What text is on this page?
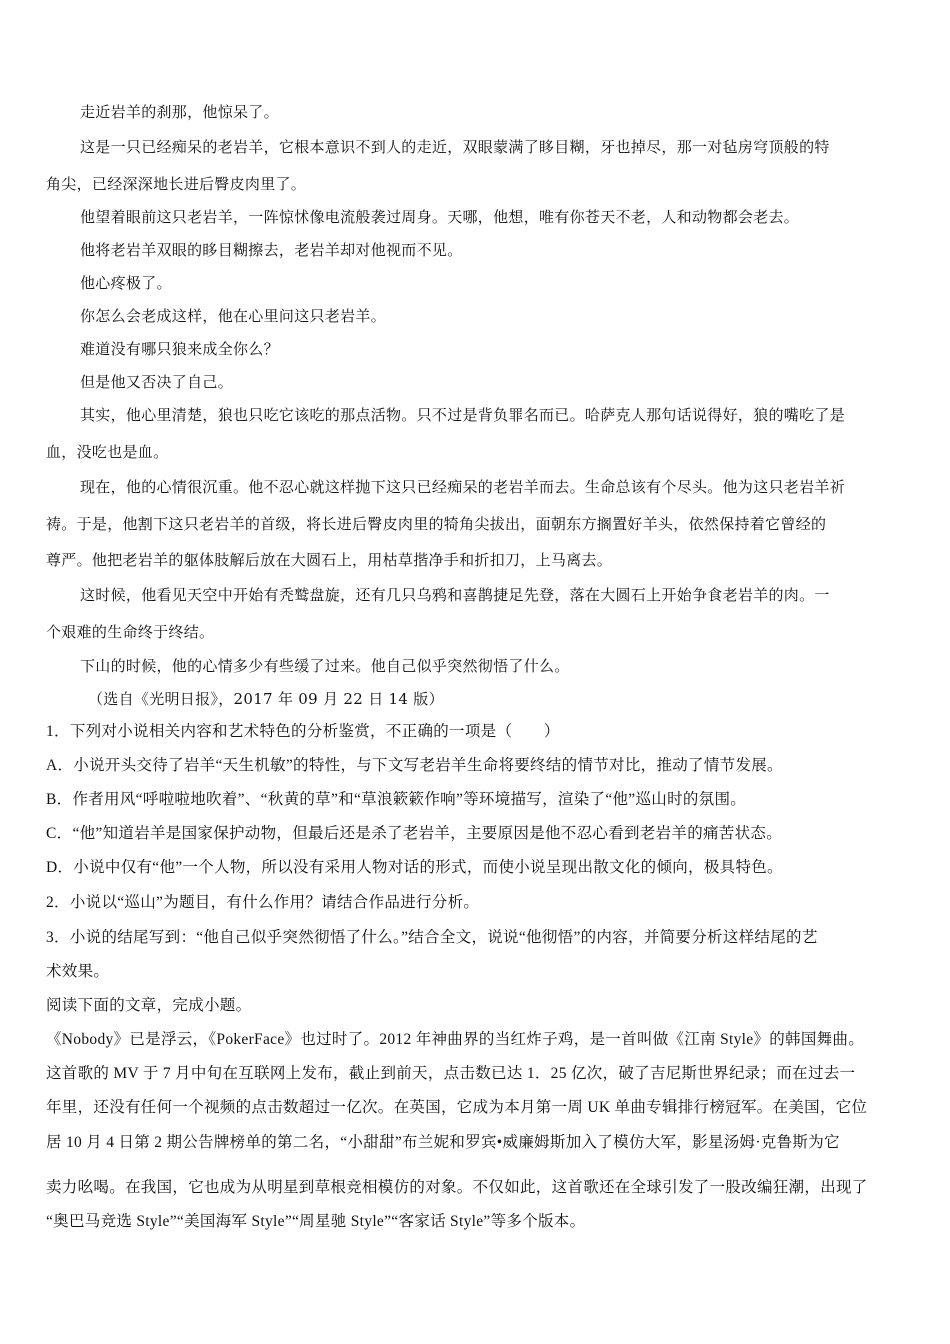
走近岩羊的刹那，他惊呆了。
这是一只已经痴呆的老岩羊，它根本意识不到人的走近，双眼蒙满了眵目糊，牙也掉尽，那一对毡房穹顶般的特
角尖，已经深深地长进后臀皮肉里了。
他望着眼前这只老岩羊，一阵惊怵像电流般袭过周身。天哪，他想，唯有你苍天不老，人和动物都会老去。
他将老岩羊双眼的眵目糊擦去，老岩羊却对他视而不见。
他心疼极了。
你怎么会老成这样，他在心里问这只老岩羊。
难道没有哪只狼来成全你么？
但是他又否决了自己。
其实，他心里清楚，狼也只吃它该吃的那点活物。只不过是背负罪名而已。哈萨克人那句话说得好，狼的嘴吃了是
血，没吃也是血。
现在，他的心情很沉重。他不忍心就这样抛下这只已经痴呆的老岩羊而去。生命总该有个尽头。他为这只老岩羊祈
祷。于是，他割下这只老岩羊的首级，将长进后臀皮肉里的犄角尖拔出，面朝东方搁置好羊头，依然保持着它曾经的
尊严。他把老岩羊的躯体肢解后放在大圆石上，用枯草揩净手和折扣刀，上马离去。
这时候，他看见天空中开始有秃鹫盘旋，还有几只乌鸦和喜鹊捷足先登，落在大圆石上开始争食老岩羊的肉。一
个艰难的生命终于终结。
下山的时候，他的心情多少有些缓了过来。他自己似乎突然彻悟了什么。
（选自《光明日报》，2017 年 09 月 22 日 14 版）
1．下列对小说相关内容和艺术特色的分析鉴赏，不正确的一项是（　　）
A．小说开头交待了岩羊“天生机敏”的特性，与下文写老岩羊生命将要终结的情节对比，推动了情节发展。
B．作者用风“呼啦啦地吹着”、“秋黄的草”和“草浪簌簌作响”等环境描写，渲染了“他”巡山时的氛围。
C．“他”知道岩羊是国家保护动物，但最后还是杀了老岩羊，主要原因是他不忍心看到老岩羊的痛苦状态。
D．小说中仅有“他”一个人物，所以没有采用人物对话的形式，而使小说呈现出散文化的倾向，极具特色。
2．小说以“巡山”为题目，有什么作用？请结合作品进行分析。
3．小说的结尾写到：“他自己似乎突然彻悟了什么。”结合全文，说说“他彻悟”的内容，并简要分析这样结尾的艺
术效果。
阅读下面的文章，完成小题。
《Nobody》已是浮云，《PokerFace》也过时了。2012 年神曲界的当红炸子鸡，是一首叫做《江南 Style》的韩国舞曲。
这首歌的 MV 于 7 月中旬在互联网上发布，截止到前天，点击数已达 1．25 亿次，破了吉尼斯世界纪录；而在过去一
年里，还没有任何一个视频的点击数超过一亿次。在英国，它成为本月第一周 UK 单曲专辑排行榜冠军。在美国，它位
居 10 月 4 日第 2 期公告牌榜单的第二名，“小甜甜”布兰妮和罗宾•威廉姆斯加入了模仿大军，影星汤姆·克鲁斯为它
卖力吆喝。在我国，它也成为从明星到草根竞相模仿的对象。不仅如此，这首歌还在全球引发了一股改编狂潮，出现了
“奥巴马竞选 Style”“美国海军 Style”“周星驰 Style”“客家话 Style”等多个版本。
